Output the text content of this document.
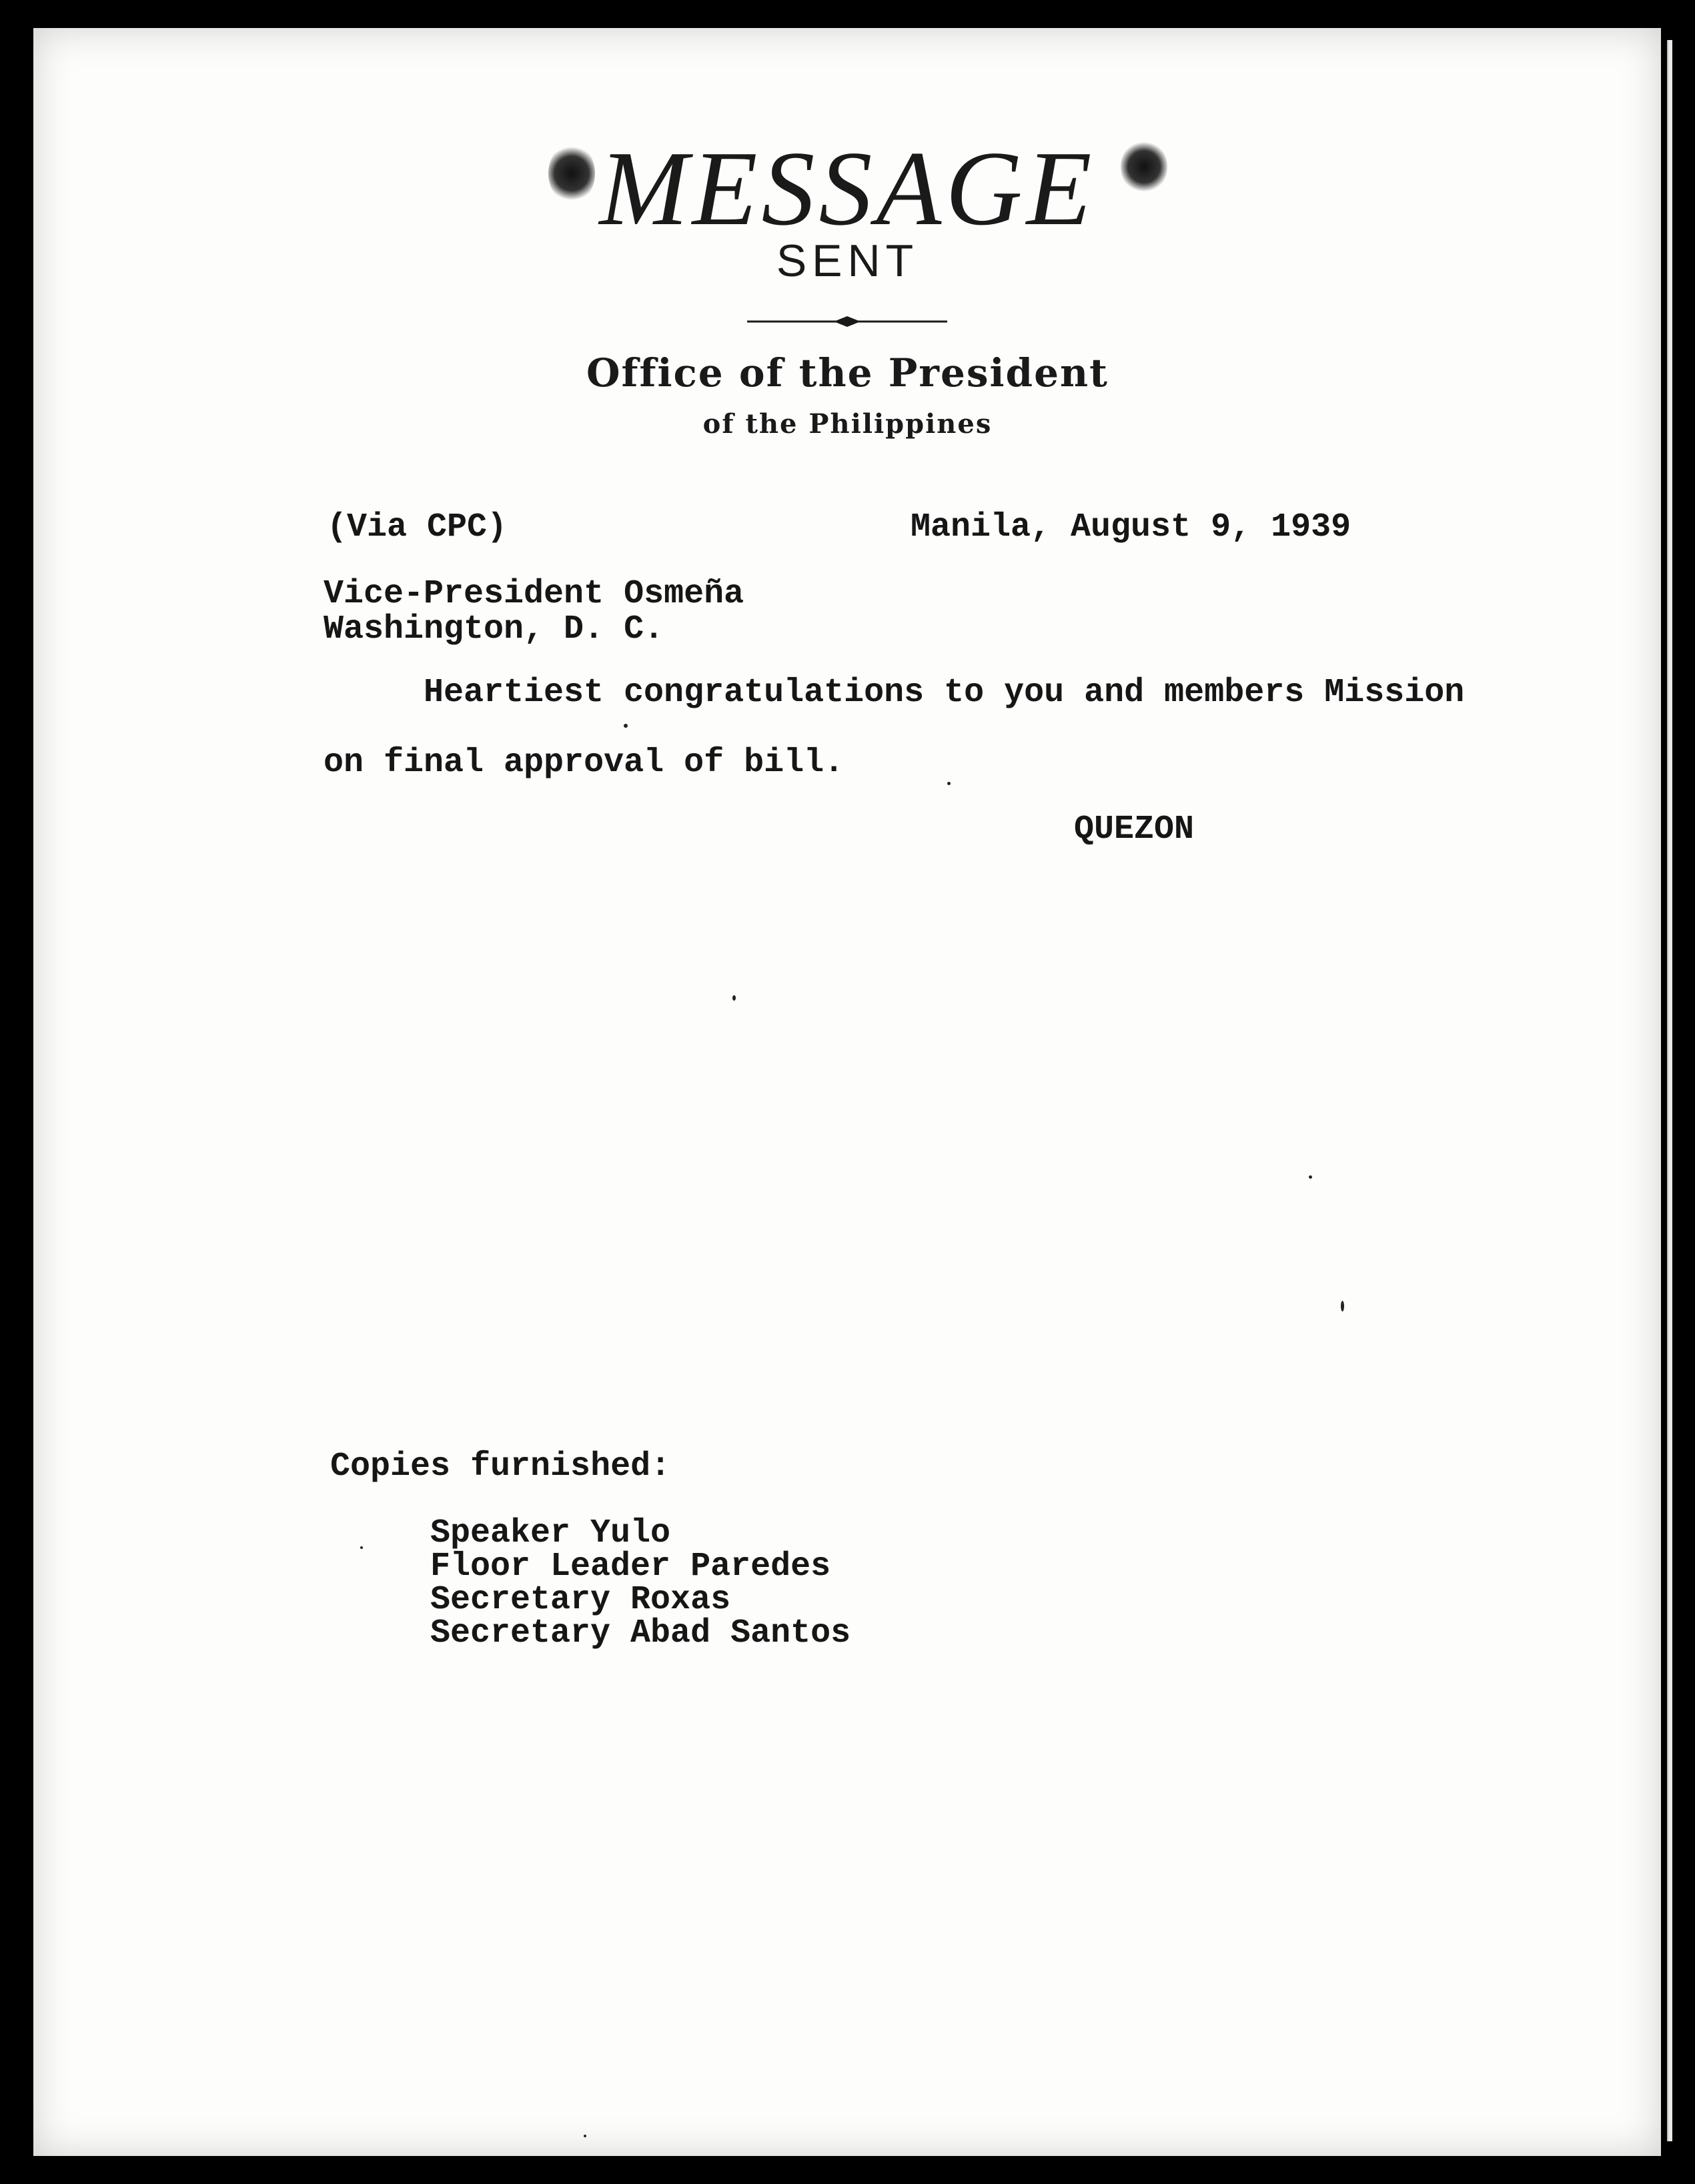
MESSAGE
SENT
Office of the President
of the Philippines
(Via CPC)	Manila, August 9, 1939
Vice-President Osmeña
Washington, D. C.
Heartiest congratulations to you and members Mission
on final approval of bill.
QUEZON
Copies furnished:
Speaker Yulo
Floor Leader Paredes
Secretary Roxas
Secretary Abad Santos
